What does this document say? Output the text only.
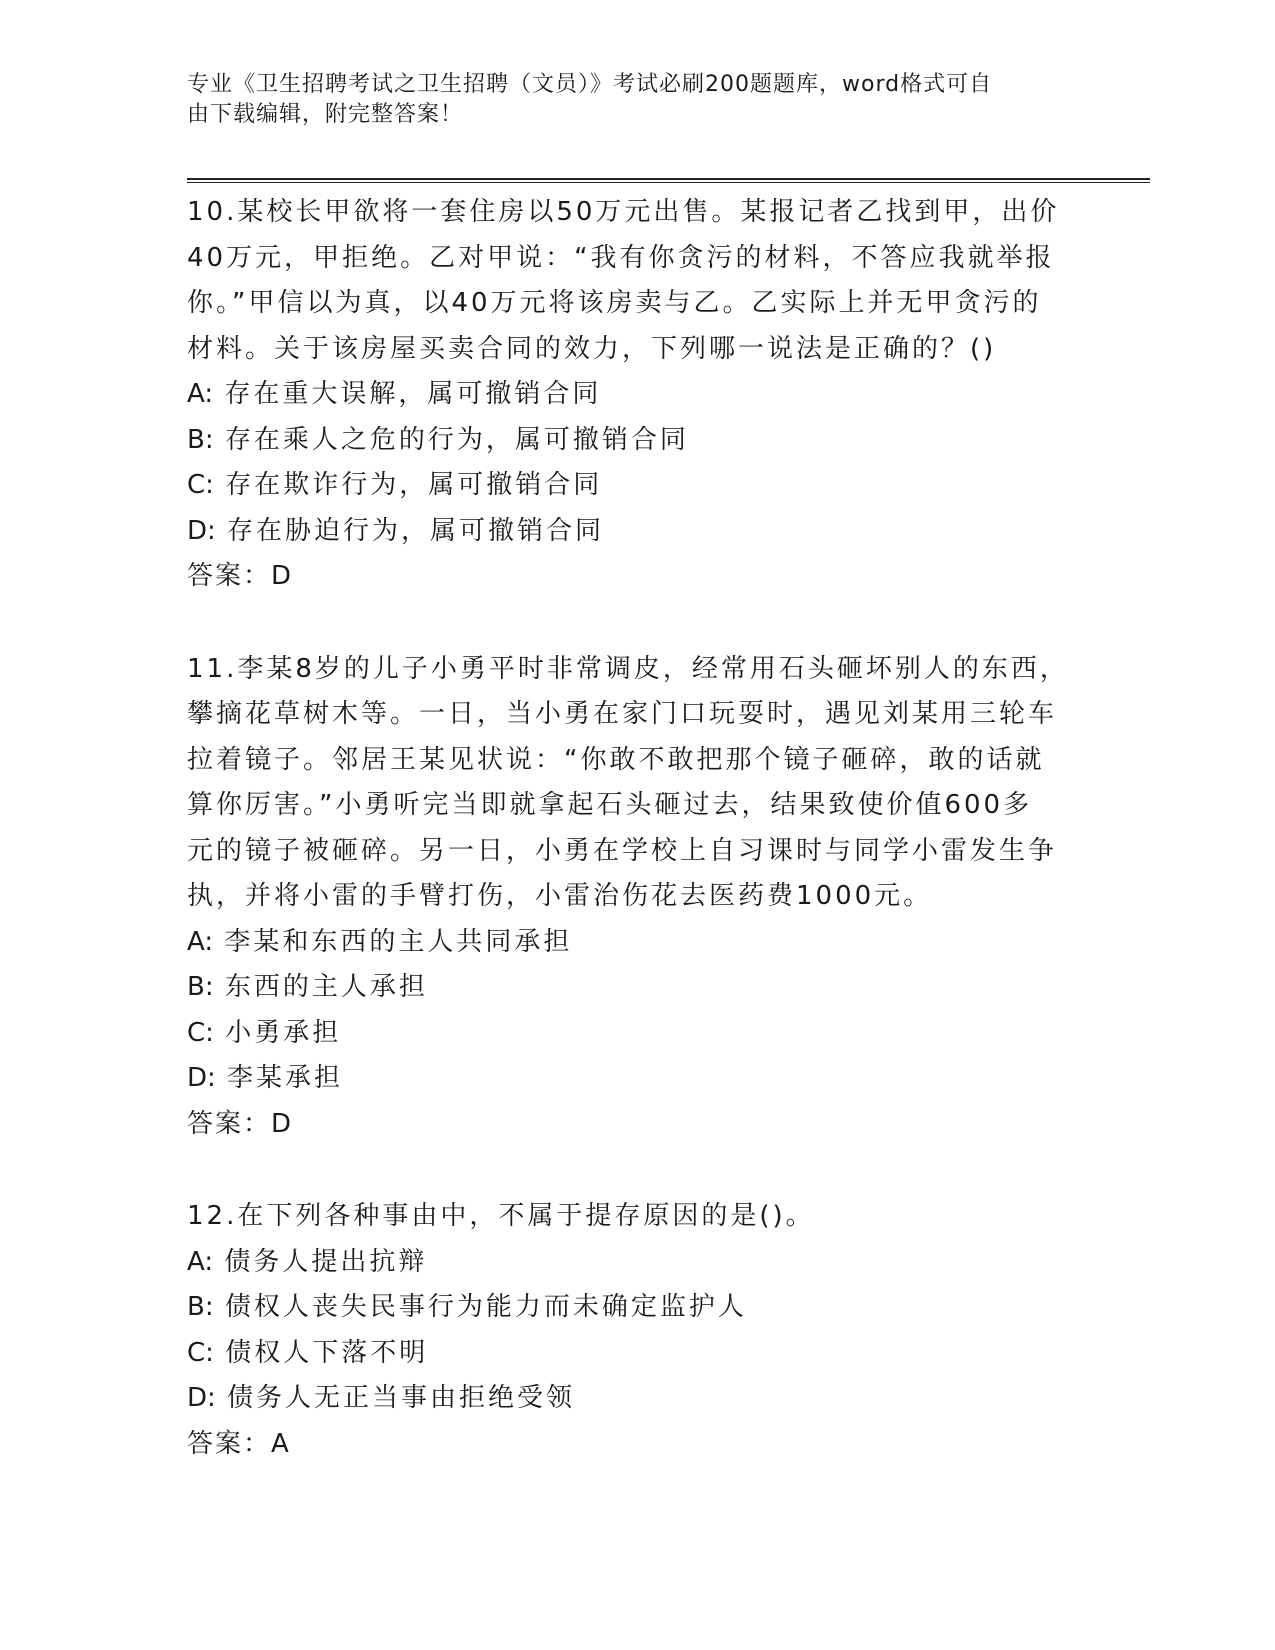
专业《卫生招聘考试之卫生招聘（文员）》考试必刷200题题库，word格式可自
由下载编辑，附完整答案！
10.某校长甲欲将一套住房以50万元出售。某报记者乙找到甲，出价
40万元，甲拒绝。乙对甲说：“我有你贪污的材料，不答应我就举报
你。”甲信以为真，以40万元将该房卖与乙。乙实际上并无甲贪污的
材料。关于该房屋买卖合同的效力，下列哪一说法是正确的？()
A: 存在重大误解，属可撤销合同
B: 存在乘人之危的行为，属可撤销合同
C: 存在欺诈行为，属可撤销合同
D: 存在胁迫行为，属可撤销合同
答案：D
11.李某8岁的儿子小勇平时非常调皮，经常用石头砸坏别人的东西，
攀摘花草树木等。一日，当小勇在家门口玩耍时，遇见刘某用三轮车
拉着镜子。邻居王某见状说：“你敢不敢把那个镜子砸碎，敢的话就
算你厉害。”小勇听完当即就拿起石头砸过去，结果致使价值600多
元的镜子被砸碎。另一日，小勇在学校上自习课时与同学小雷发生争
执，并将小雷的手臂打伤，小雷治伤花去医药费1000元。
A: 李某和东西的主人共同承担
B: 东西的主人承担
C: 小勇承担
D: 李某承担
答案：D
12.在下列各种事由中，不属于提存原因的是()。
A: 债务人提出抗辩
B: 债权人丧失民事行为能力而未确定监护人
C: 债权人下落不明
D: 债务人无正当事由拒绝受领
答案：A
